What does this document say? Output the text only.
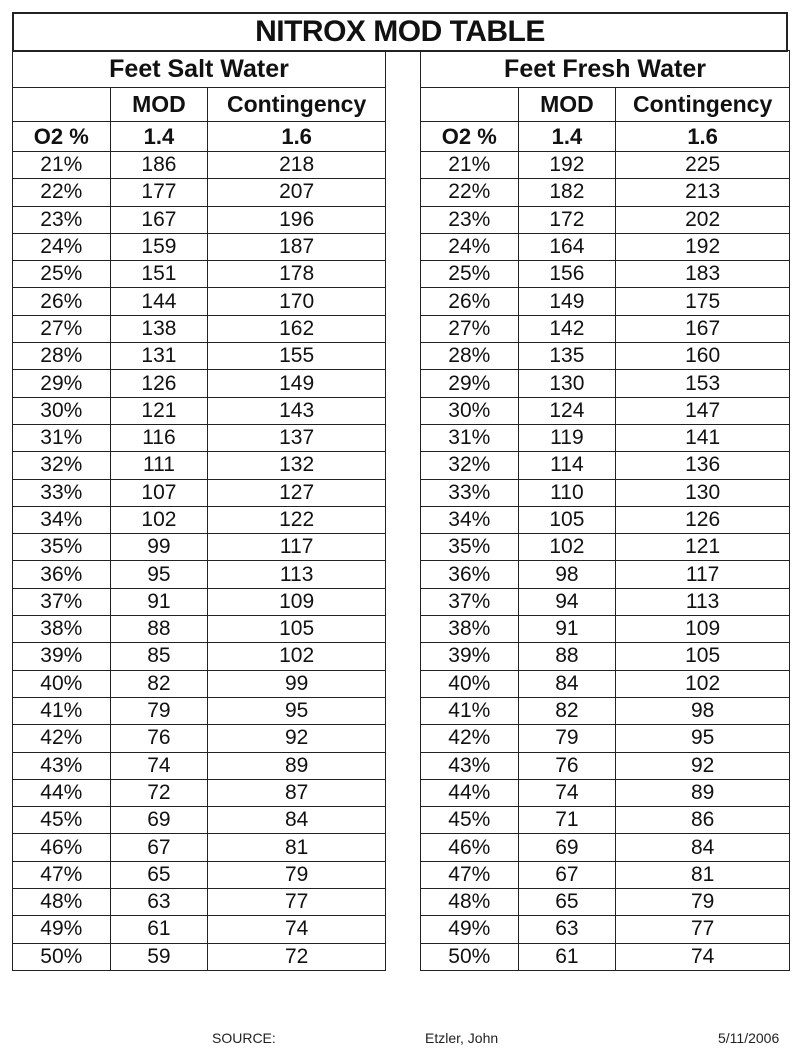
NITROX MOD TABLE
Feet Salt Water		
	MOD	Contingency
O2 %	1.4	1.6
21%	186	218
22%	177	207
23%	167	196
24%	159	187
25%	151	178
26%	144	170
27%	138	162
28%	131	155
29%	126	149
30%	121	143
31%	116	137
32%	111	132
33%	107	127
34%	102	122
35%	99	117
36%	95	113
37%	91	109
38%	88	105
39%	85	102
40%	82	99
41%	79	95
42%	76	92
43%	74	89
44%	72	87
45%	69	84
46%	67	81
47%	65	79
48%	63	77
49%	61	74
50%	59	72
Feet Fresh Water		
	MOD	Contingency
O2 %	1.4	1.6
21%	192	225
22%	182	213
23%	172	202
24%	164	192
25%	156	183
26%	149	175
27%	142	167
28%	135	160
29%	130	153
30%	124	147
31%	119	141
32%	114	136
33%	110	130
34%	105	126
35%	102	121
36%	98	117
37%	94	113
38%	91	109
39%	88	105
40%	84	102
41%	82	98
42%	79	95
43%	76	92
44%	74	89
45%	71	86
46%	69	84
47%	67	81
48%	65	79
49%	63	77
50%	61	74
SOURCE:	Etzler, John	5/11/2006
